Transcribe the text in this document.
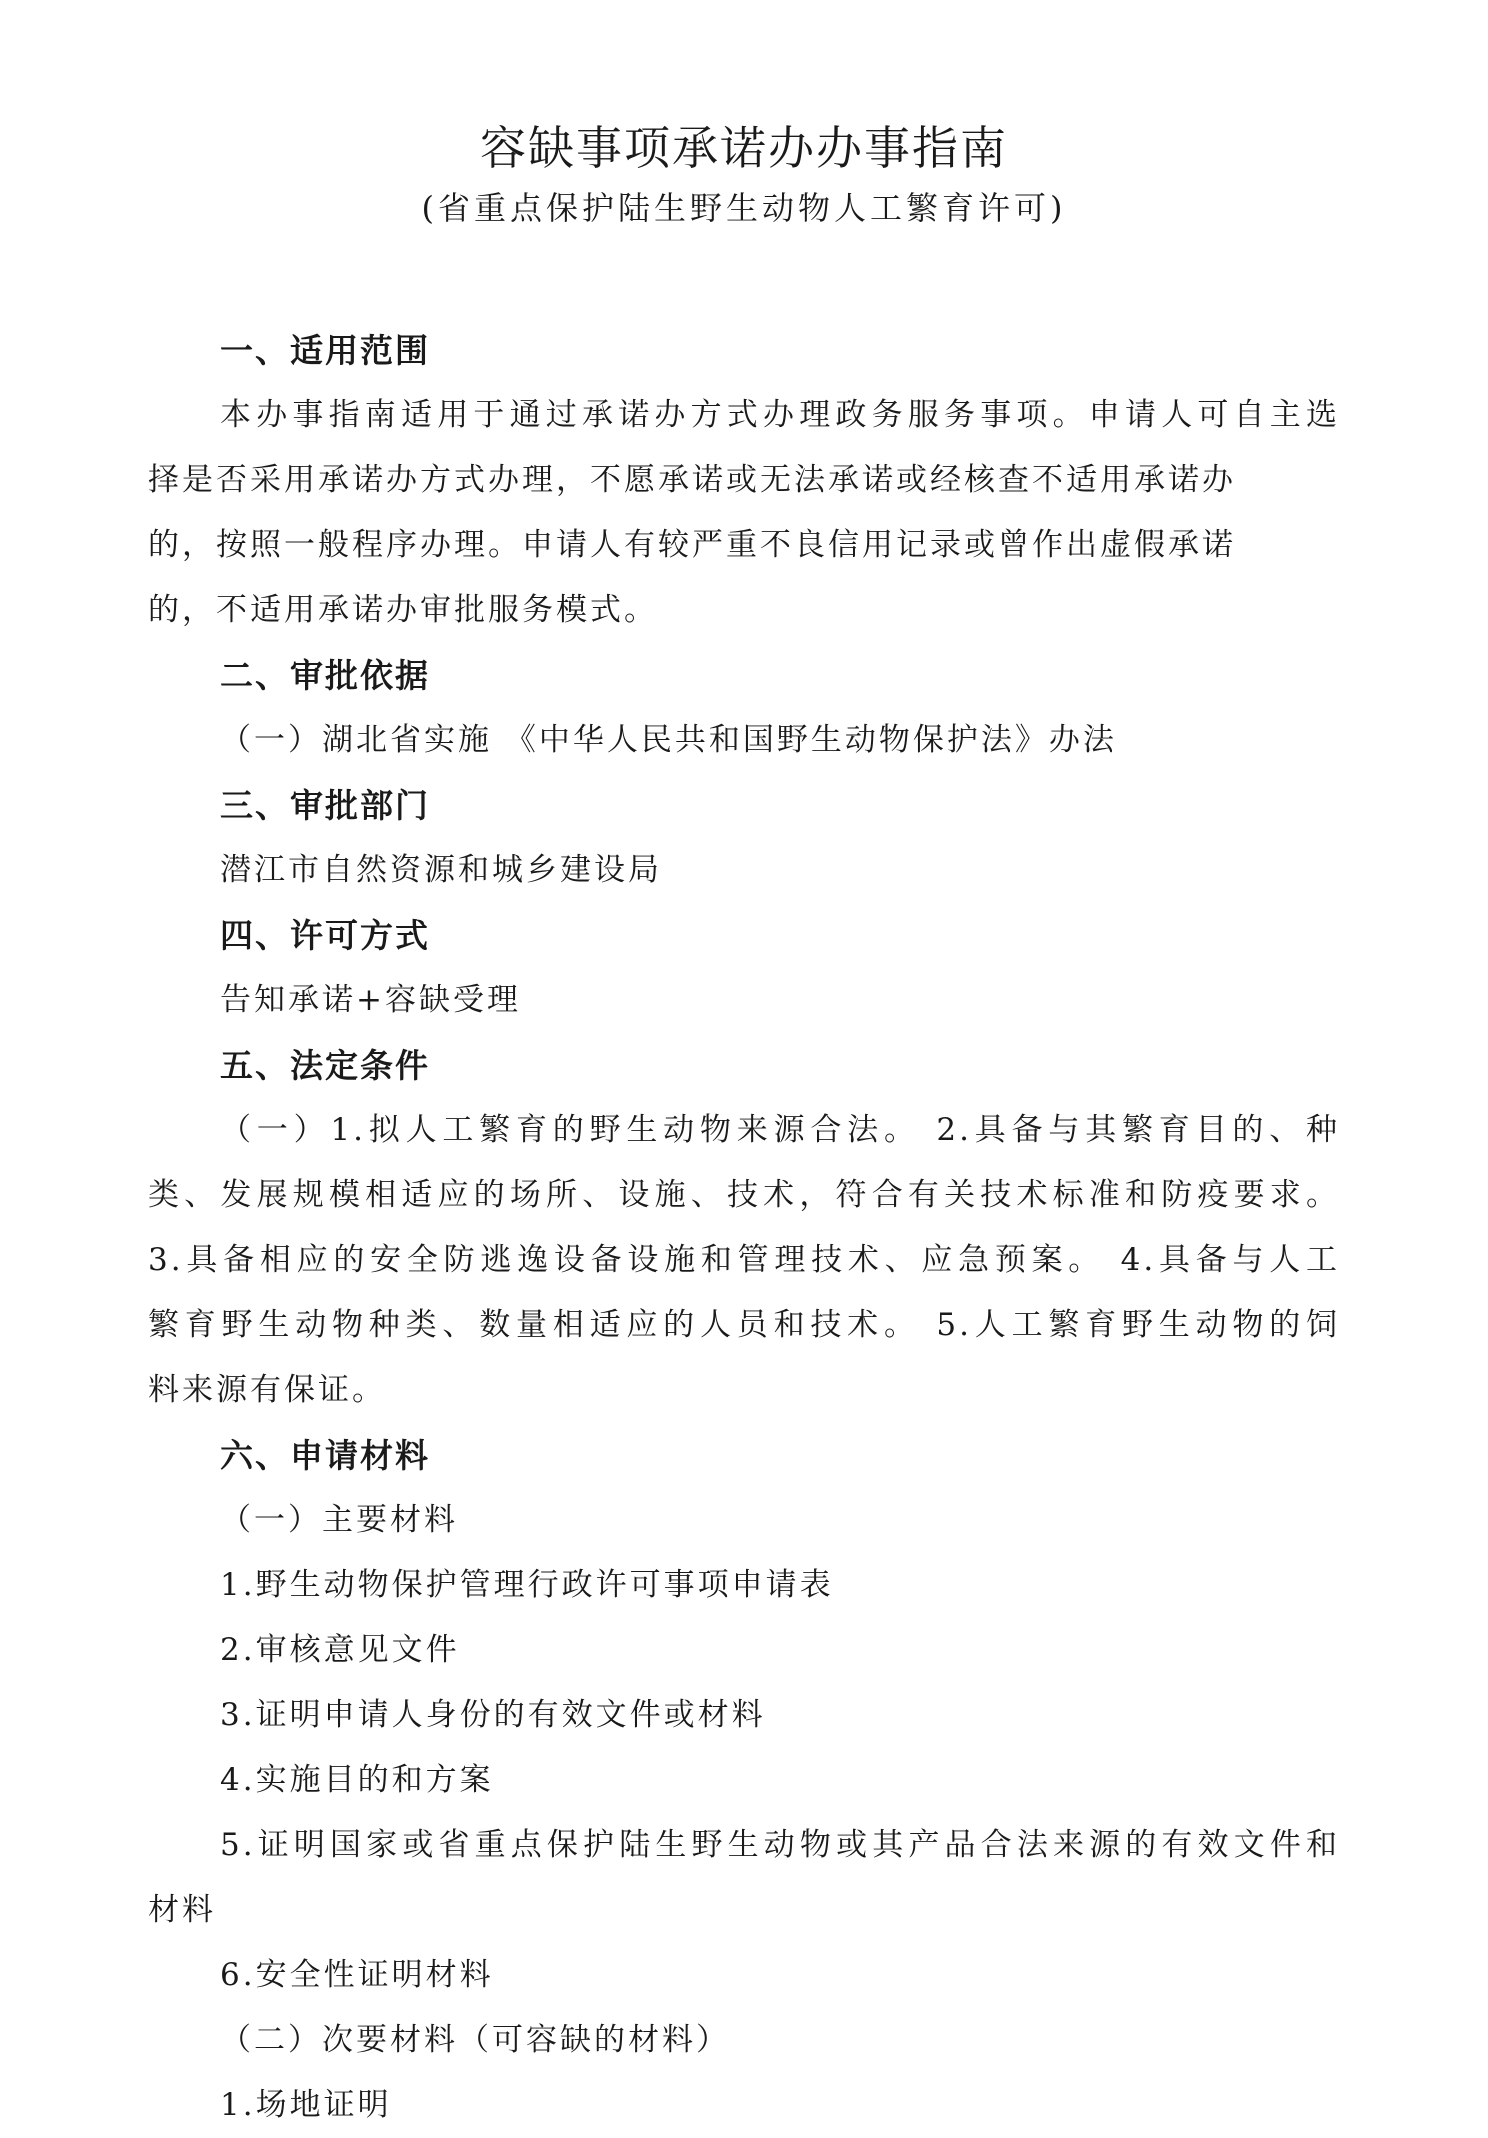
容缺事项承诺办办事指南
(省重点保护陆生野生动物人工繁育许可)
一、适用范围
本办事指南适用于通过承诺办方式办理政务服务事项。申请人可自主选
择是否采用承诺办方式办理，不愿承诺或无法承诺或经核查不适用承诺办
的，按照一般程序办理。申请人有较严重不良信用记录或曾作出虚假承诺
的，不适用承诺办审批服务模式。
二、审批依据
（一）湖北省实施 《中华人民共和国野生动物保护法》办法
三、审批部门
潜江市自然资源和城乡建设局
四、许可方式
告知承诺+容缺受理
五、法定条件
（一）1.拟人工繁育的野生动物来源合法。 2.具备与其繁育目的、种
类、发展规模相适应的场所、设施、技术，符合有关技术标准和防疫要求。
3.具备相应的安全防逃逸设备设施和管理技术、应急预案。 4.具备与人工
繁育野生动物种类、数量相适应的人员和技术。 5.人工繁育野生动物的饲
料来源有保证。
六、申请材料
（一）主要材料
1.野生动物保护管理行政许可事项申请表
2.审核意见文件
3.证明申请人身份的有效文件或材料
4.实施目的和方案
5.证明国家或省重点保护陆生野生动物或其产品合法来源的有效文件和
材料
6.安全性证明材料
（二）次要材料（可容缺的材料）
1.场地证明
